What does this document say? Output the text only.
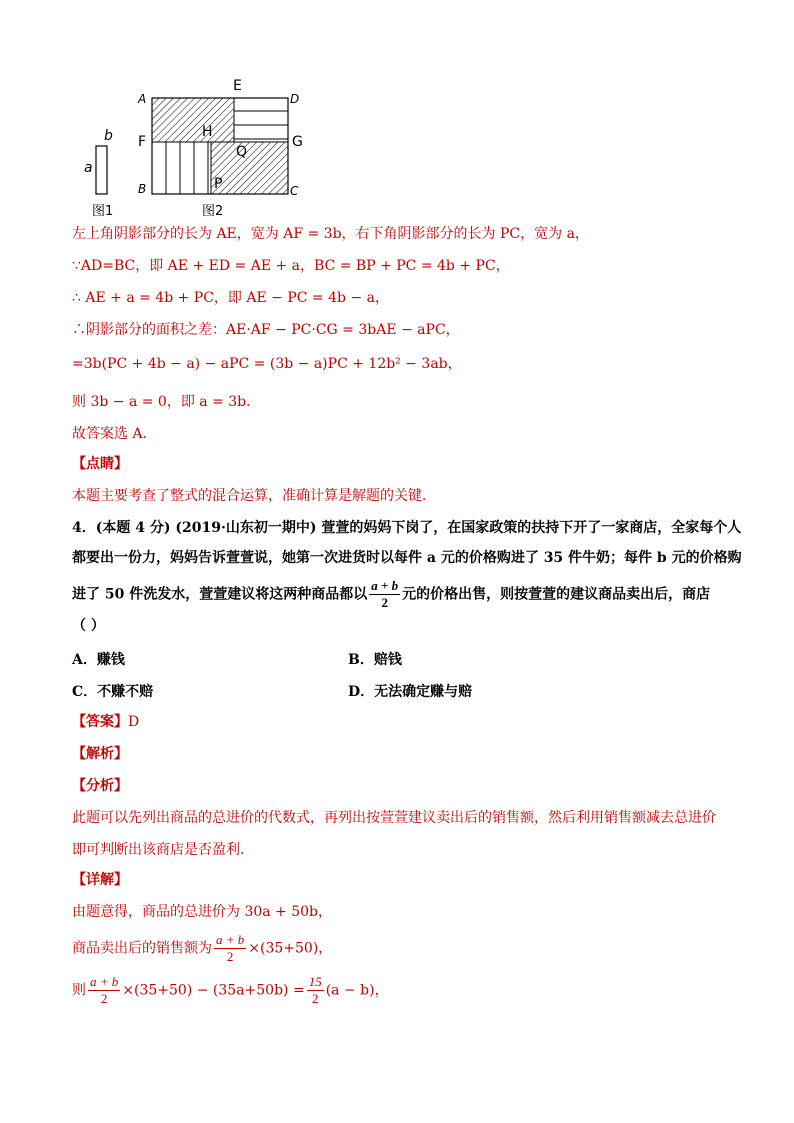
b
a
A
E
D
F
H
Q
G
B	P	C
图1	图2
左上角阴影部分的长为 AE，宽为 AF = 3b，右下角阴影部分的长为 PC，宽为 a，
∵AD=BC，即 AE + ED = AE + a，BC = BP + PC = 4b + PC，
∴ AE + a = 4b + PC，即 AE − PC = 4b − a，
∴阴影部分的面积之差：AE·AF − PC·CG = 3bAE − aPC，
=3b(PC + 4b − a) − aPC = (3b − a)PC + 12b² − 3ab，
则 3b − a = 0，即 a = 3b．
故答案选 A．
【点睛】
本题主要考查了整式的混合运算，准确计算是解题的关键．
4．(本题 4 分) (2019·山东初一期中) 萱萱的妈妈下岗了，在国家政策的扶持下开了一家商店，全家每个人
都要出一份力，妈妈告诉萱萱说，她第一次进货时以每件 a 元的价格购进了 35 件牛奶；每件 b 元的价格购
进了 50 件洗发水，萱萱建议将这两种商品都以 $\frac{a + b}{2}$ 元的价格出售，则按萱萱的建议商品卖出后，商店
（ ）
A．赚钱	B．赔钱
C．不赚不赔	D．无法确定赚与赔
【答案】D
【解析】
【分析】
此题可以先列出商品的总进价的代数式，再列出按萱萱建议卖出后的销售额，然后利用销售额减去总进价
即可判断出该商店是否盈利.
【详解】
由题意得，商品的总进价为 30a + 50b，
商品卖出后的销售额为 $\frac{a + b}{2} \times(35+50)$，
则 $\frac{a + b}{2} \times(35+50) - (35a+50b) = \frac{15}{2} (a - b)$，
